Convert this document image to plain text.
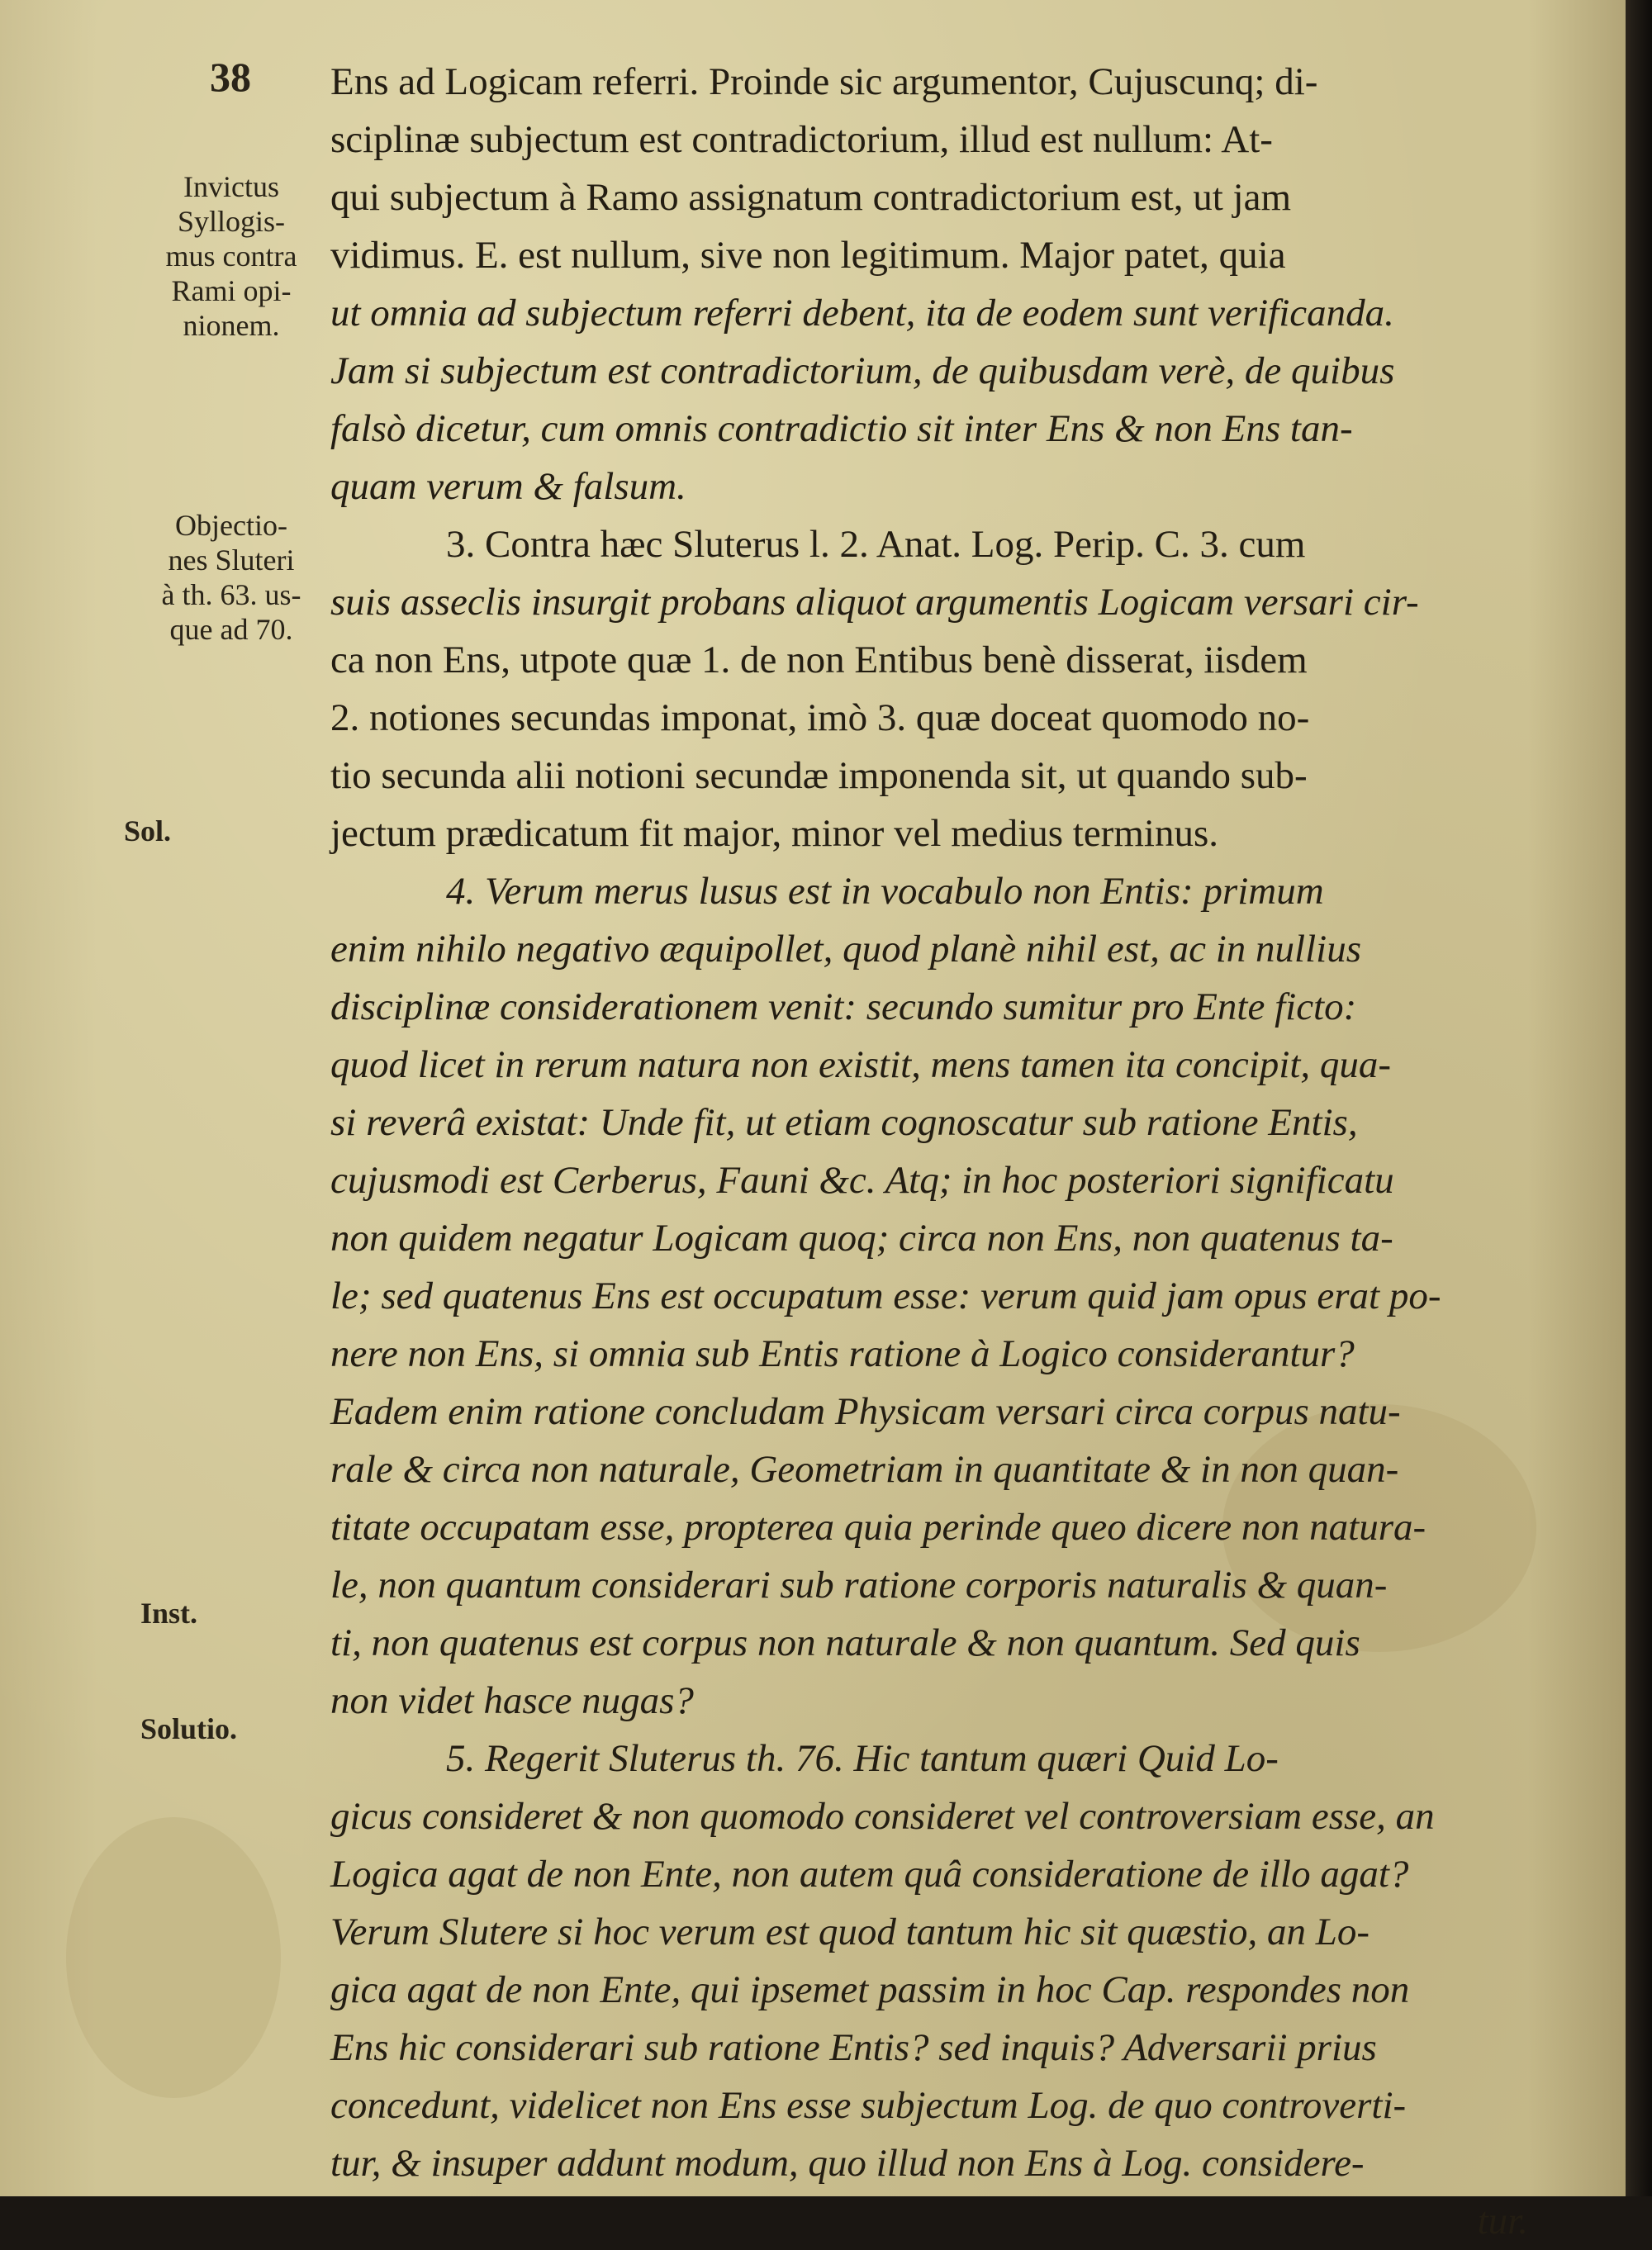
38
Invictus
Syllogis-
mus contra
Rami opi-
nionem.
Objectio-
nes Sluteri
à th. 63. us-
que ad 70.
Sol.
Inst.
Solutio.
Ens ad Logicam referri. Proinde sic argumentor, Cujuscunq; di-
sciplinæ subjectum est contradictorium, illud est nullum: At-
qui subjectum à Ramo assignatum contradictorium est, ut jam
vidimus. E. est nullum, sive non legitimum. Major patet, quia
ut omnia ad subjectum referri debent, ita de eodem sunt verificanda.
Jam si subjectum est contradictorium, de quibusdam verè, de quibus
falsò dicetur, cum omnis contradictio sit inter Ens & non Ens tan-
quam verum & falsum.
3. Contra hæc Sluterus l. 2. Anat. Log. Perip. C. 3. cum
suis asseclis insurgit probans aliquot argumentis Logicam versari cir-
ca non Ens, utpote quæ 1. de non Entibus benè disserat, iisdem
2. notiones secundas imponat, imò 3. quæ doceat quomodo no-
tio secunda alii notioni secundæ imponenda sit, ut quando sub-
jectum prædicatum fit major, minor vel medius terminus.
4. Verum merus lusus est in vocabulo non Entis: primum
enim nihilo negativo æquipollet, quod planè nihil est, ac in nullius
disciplinæ considerationem venit: secundo sumitur pro Ente ficto:
quod licet in rerum natura non existit, mens tamen ita concipit, qua-
si reverâ existat: Unde fit, ut etiam cognoscatur sub ratione Entis,
cujusmodi est Cerberus, Fauni &c. Atq; in hoc posteriori significatu
non quidem negatur Logicam quoq; circa non Ens, non quatenus ta-
le; sed quatenus Ens est occupatum esse: verum quid jam opus erat po-
nere non Ens, si omnia sub Entis ratione à Logico considerantur?
Eadem enim ratione concludam Physicam versari circa corpus natu-
rale & circa non naturale, Geometriam in quantitate & in non quan-
titate occupatam esse, propterea quia perinde queo dicere non natura-
le, non quantum considerari sub ratione corporis naturalis & quan-
ti, non quatenus est corpus non naturale & non quantum. Sed quis
non videt hasce nugas?
5. Regerit Sluterus th. 76. Hic tantum quæri Quid Lo-
gicus consideret & non quomodo consideret vel controversiam esse, an
Logica agat de non Ente, non autem quâ consideratione de illo agat?
Verum Slutere si hoc verum est quod tantum hic sit quæstio, an Lo-
gica agat de non Ente, qui ipsemet passim in hoc Cap. respondes non
Ens hic considerari sub ratione Entis? sed inquis? Adversarii prius
concedunt, videlicet non Ens esse subjectum Log. de quo controverti-
tur, & insuper addunt modum, quo illud non Ens à Log. considere-
tur.
